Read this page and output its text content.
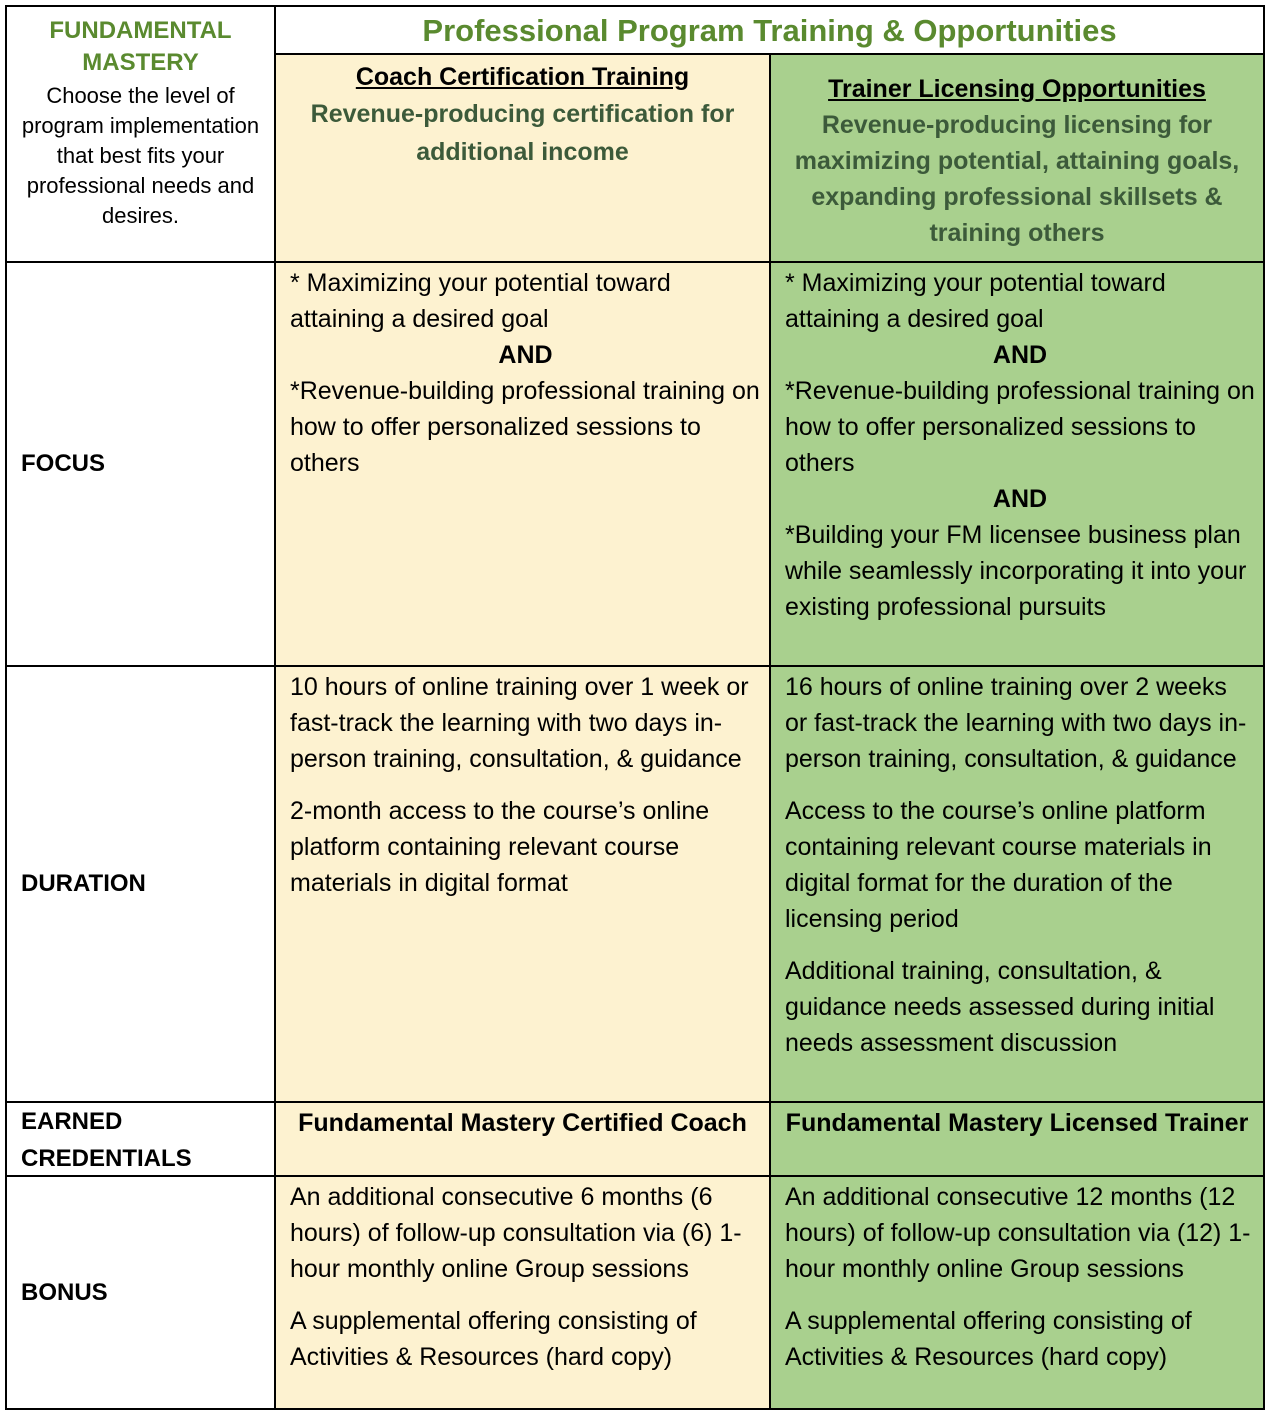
FUNDAMENTAL MASTERY
Choose the level of program implementation that best fits your professional needs and desires.
Professional Program Training & Opportunities
Coach Certification Training
Revenue-producing certification for additional income
Trainer Licensing Opportunities
Revenue-producing licensing for maximizing potential, attaining goals, expanding professional skillsets & training others
FOCUS

* Maximizing your potential toward attaining a desired goal

AND

*Revenue-building professional training on how to offer personalized sessions to others

* Maximizing your potential toward attaining a desired goal

AND

*Revenue-building professional training on how to offer personalized sessions to others

AND

*Building your FM licensee business plan while seamlessly incorporating it into your existing professional pursuits

DURATION

10 hours of online training over 1 week or fast-track the learning with two days in-person training, consultation, & guidance

2-month access to the course’s online platform containing relevant course materials in digital format

16 hours of online training over 2 weeks or fast-track the learning with two days in-person training, consultation, & guidance

Access to the course’s online platform containing relevant course materials in digital format for the duration of the licensing period

Additional training, consultation, & guidance needs assessed during initial needs assessment discussion

EARNED CREDENTIALS
Fundamental Mastery Certified Coach	Fundamental Mastery Licensed Trainer
BONUS

An additional consecutive 6 months (6 hours) of follow-up consultation via (6) 1-hour monthly online Group sessions

A supplemental offering consisting of Activities & Resources (hard copy)

An additional consecutive 12 months (12 hours) of follow-up consultation via (12) 1-hour monthly online Group sessions

A supplemental offering consisting of Activities & Resources (hard copy)
